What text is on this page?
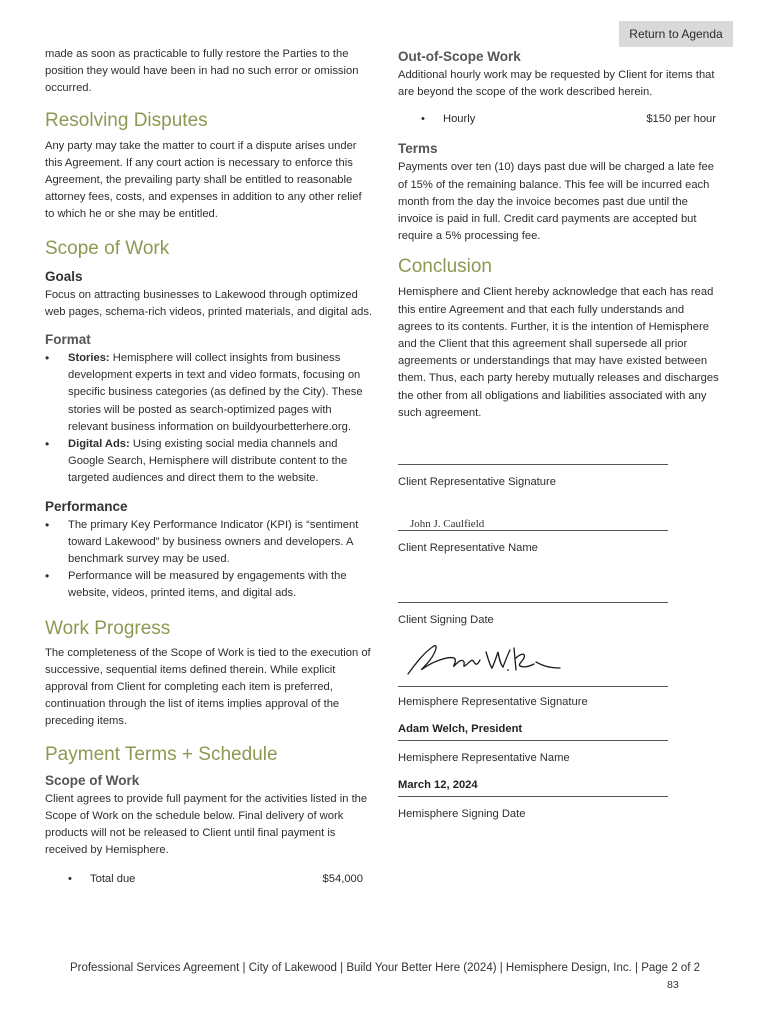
Return to Agenda

made as soon as practicable to fully restore the Parties to the position they would have been in had no such error or omission occurred.

Resolving Disputes

Any party may take the matter to court if a dispute arises under this Agreement. If any court action is necessary to enforce this Agreement, the prevailing party shall be entitled to reasonable attorney fees, costs, and expenses in addition to any other relief to which he or she may be entitled.

Scope of Work
Goals

Focus on attracting businesses to Lakewood through optimized web pages, schema-rich videos, printed materials, and digital ads.

Format
• Stories: Hemisphere will collect insights from business development experts in text and video formats, focusing on specific business categories (as defined by the City). These stories will be posted as search-optimized pages with relevant business information on buildyourbetterhere.org.
• Digital Ads: Using existing social media channels and Google Search, Hemisphere will distribute content to the targeted audiences and direct them to the website.
Performance
• The primary Key Performance Indicator (KPI) is “sentiment toward Lakewood” by business owners and developers. A benchmark survey may be used.
• Performance will be measured by engagements with the website, videos, printed items, and digital ads.
Work Progress

The completeness of the Scope of Work is tied to the execution of successive, sequential items defined therein. While explicit approval from Client for completing each item is preferred, continuation through the list of items implies approval of the preceding items.

Payment Terms + Schedule
Scope of Work

Client agrees to provide full payment for the activities listed in the Scope of Work on the schedule below. Final delivery of work products will not be released to Client until final payment is received by Hemisphere.

• Total due	$54,000
Out-of-Scope Work

Additional hourly work may be requested by Client for items that are beyond the scope of the work described herein.

• Hourly	$150 per hour
Terms

Payments over ten (10) days past due will be charged a late fee of 15% of the remaining balance. This fee will be incurred each month from the day the invoice becomes past due until the invoice is paid in full. Credit card payments are accepted but require a 5% processing fee.

Conclusion

Hemisphere and Client hereby acknowledge that each has read this entire Agreement and that each fully understands and agrees to its contents. Further, it is the intention of Hemisphere and the Client that this agreement shall supersede all prior agreements or understandings that may have existed between them. Thus, each party hereby mutually releases and discharges the other from all obligations and liabilities associated with any such agreement.

Client Representative Signature
John J. Caulfield
Client Representative Name
Client Signing Date
Hemisphere Representative Signature
Adam Welch, President
Hemisphere Representative Name
March 12, 2024
Hemisphere Signing Date
Professional Services Agreement | City of Lakewood | Build Your Better Here (2024) | Hemisphere Design, Inc. | Page 2 of 2
83
